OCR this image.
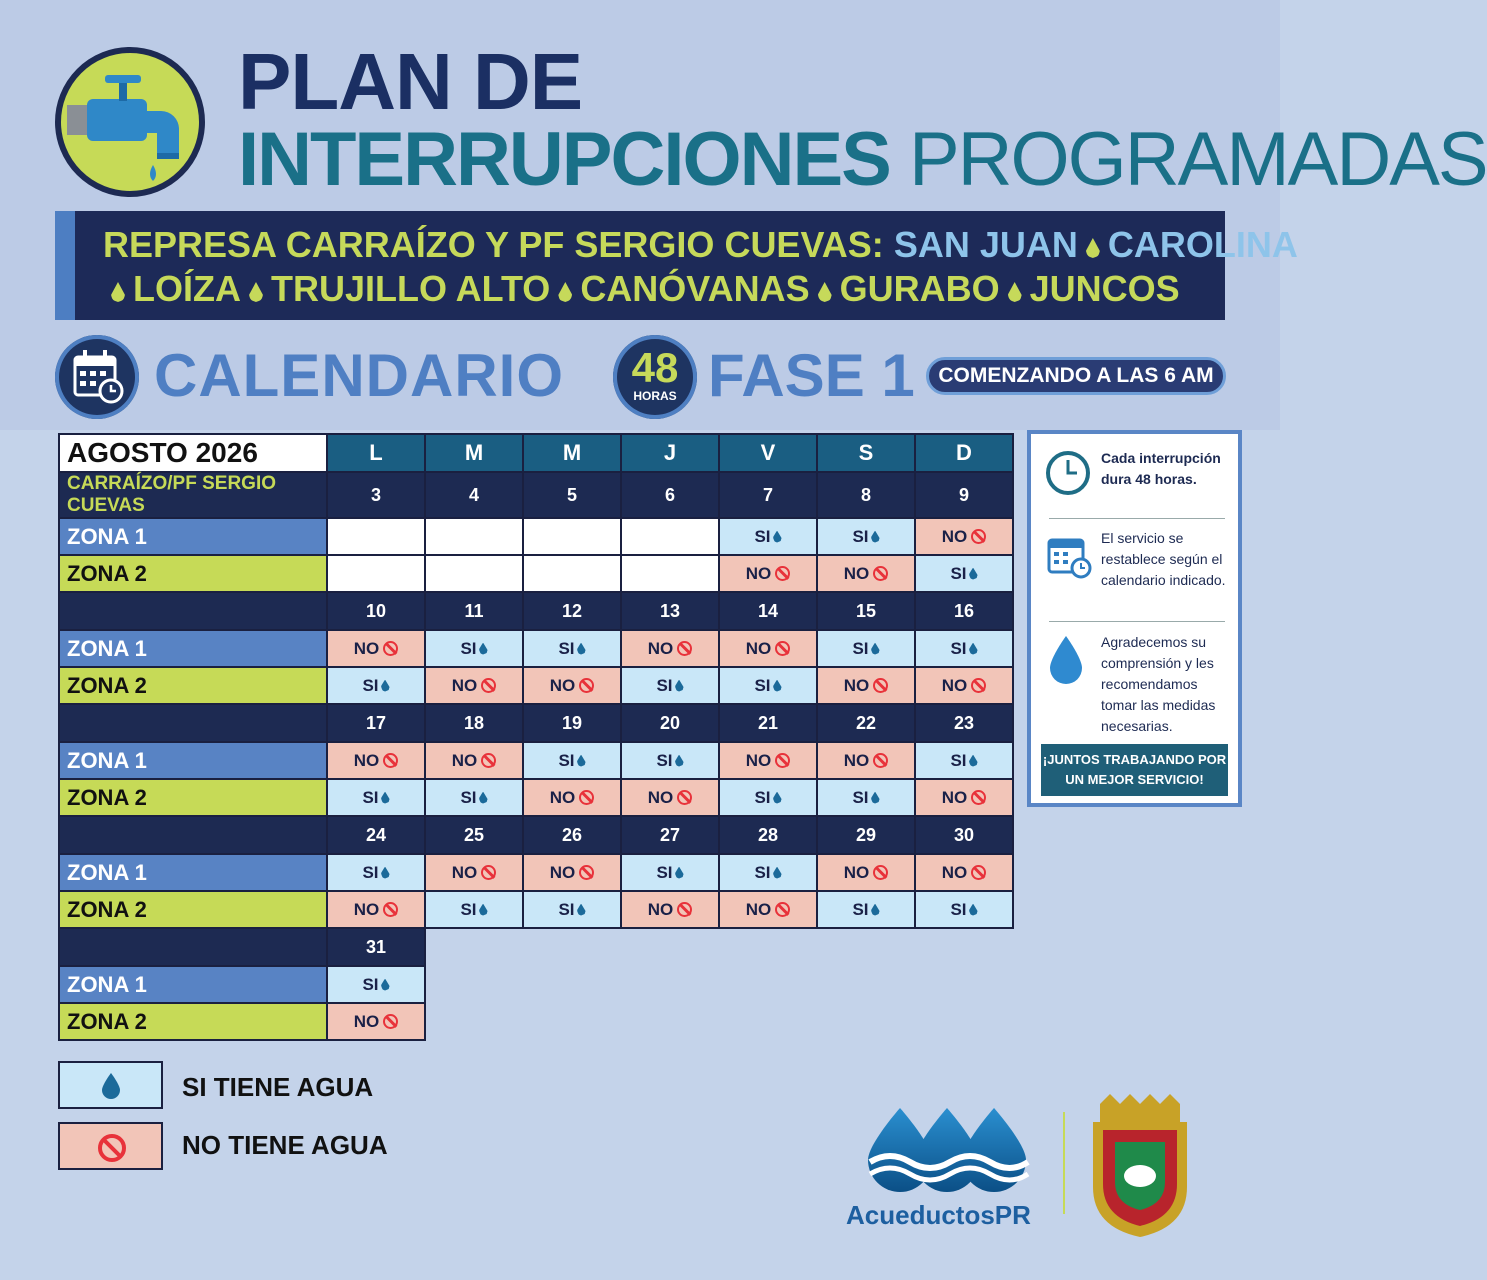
PLAN DE
INTERRUPCIONES PROGRAMADAS
REPRESA CARRAÍZO Y PF SERGIO CUEVAS: SAN JUAN CAROLINA
LOÍZA TRUJILLO ALTO CANÓVANAS GURABO JUNCOS
CALENDARIO	48
HORAS FASE 1	COMENZANDO A LAS 6 AM
AGOSTO 2026	L	M	M	J	V	S	D
CARRAÍZO/PF SERGIO CUEVAS	3	4	5	6	7	8	9
ZONA 1					SI	SI	NO
ZONA 2					NO	NO	SI
	10	11	12	13	14	15	16
ZONA 1	NO	SI	SI	NO	NO	SI	SI
ZONA 2	SI	NO	NO	SI	SI	NO	NO
	17	18	19	20	21	22	23
ZONA 1	NO	NO	SI	SI	NO	NO	SI
ZONA 2	SI	SI	NO	NO	SI	SI	NO
	24	25	26	27	28	29	30
ZONA 1	SI	NO	NO	SI	SI	NO	NO
ZONA 2	NO	SI	SI	NO	NO	SI	SI
	31						
ZONA 1	SI						
ZONA 2	NO						
Cada interrupción dura 48 horas.
El servicio se restablece según el calendario indicado.
Agradecemos su comprensión y les recomendamos tomar las medidas necesarias.
¡JUNTOS TRABAJANDO POR UN MEJOR SERVICIO!
SI TIENE AGUA
NO TIENE AGUA
AcueductosPR
